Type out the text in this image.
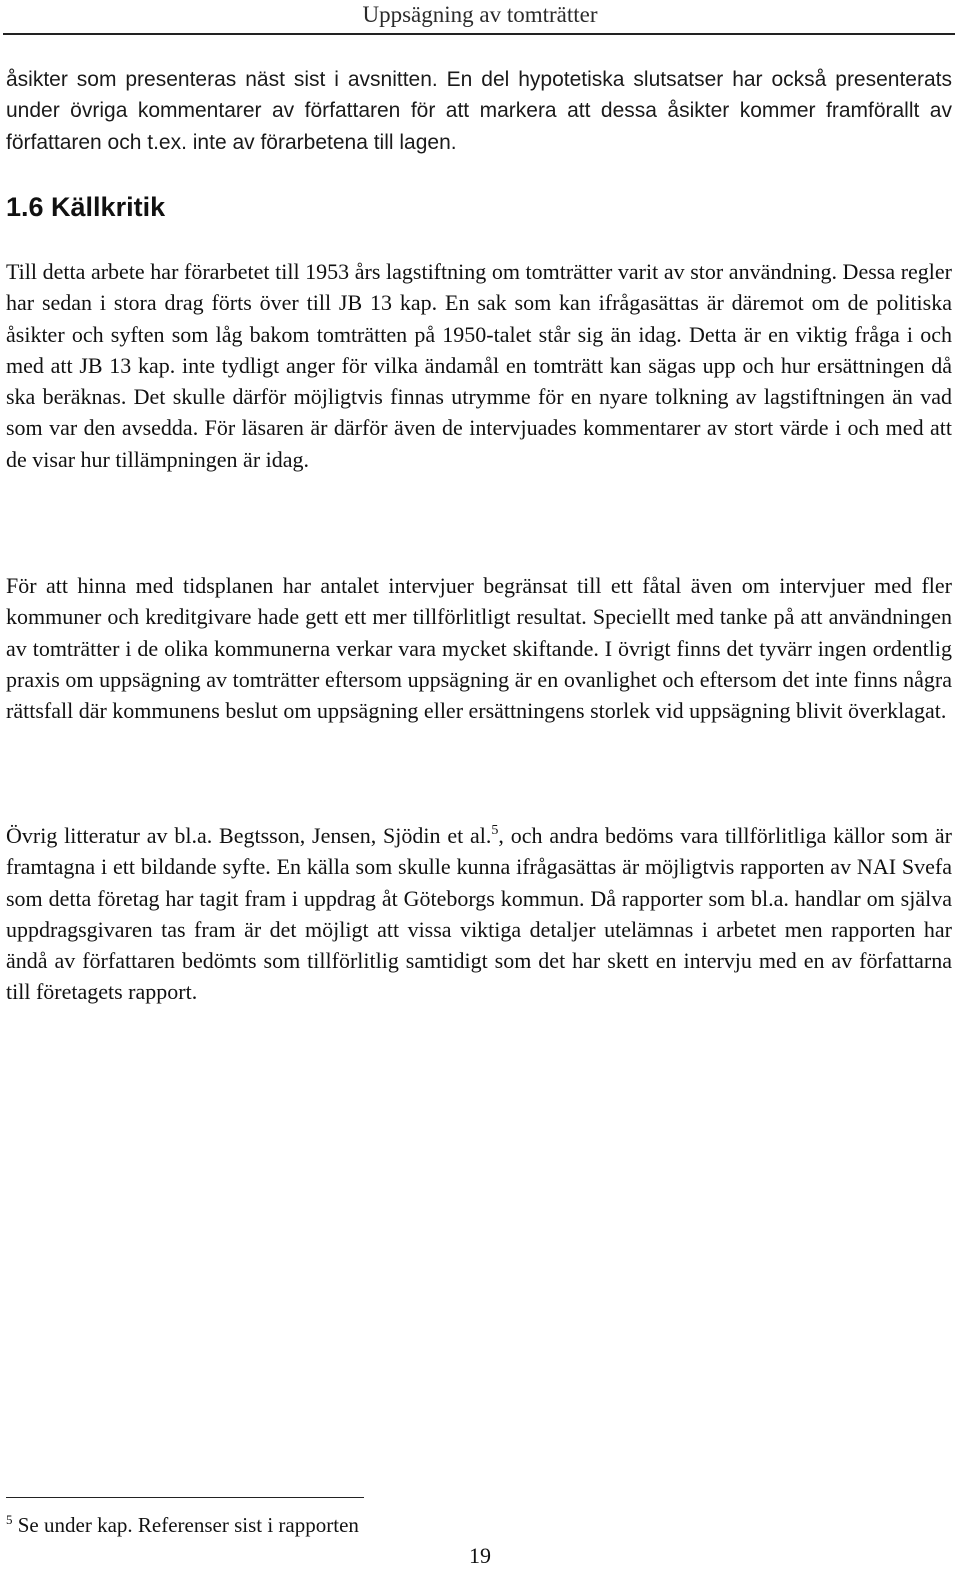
Uppsägning av tomträtter

åsikter som presenteras näst sist i avsnitten. En del hypotetiska slutsatser har också presenterats under övriga kommentarer av författaren för att markera att dessa åsikter kommer framförallt av författaren och t.ex. inte av förarbetena till lagen.

1.6 Källkritik

Till detta arbete har förarbetet till 1953 års lagstiftning om tomträtter varit av stor användning. Dessa regler har sedan i stora drag förts över till JB 13 kap. En sak som kan ifrågasättas är däremot om de politiska åsikter och syften som låg bakom tomträtten på 1950-talet står sig än idag. Detta är en viktig fråga i och med att JB 13 kap. inte tydligt anger för vilka ändamål en tomträtt kan sägas upp och hur ersättningen då ska beräknas. Det skulle därför möjligtvis finnas utrymme för en nyare tolkning av lagstiftningen än vad som var den avsedda. För läsaren är därför även de intervjuades kommentarer av stort värde i och med att de visar hur tillämpningen är idag.

För att hinna med tidsplanen har antalet intervjuer begränsat till ett fåtal även om intervjuer med fler kommuner och kreditgivare hade gett ett mer tillförlitligt resultat. Speciellt med tanke på att användningen av tomträtter i de olika kommunerna verkar vara mycket skiftande. I övrigt finns det tyvärr ingen ordentlig praxis om uppsägning av tomträtter eftersom uppsägning är en ovanlighet och eftersom det inte finns några rättsfall där kommunens beslut om uppsägning eller ersättningens storlek vid uppsägning blivit överklagat.

Övrig litteratur av bl.a. Begtsson, Jensen, Sjödin et al.$^5$, och andra bedöms vara tillförlitliga källor som är framtagna i ett bildande syfte. En källa som skulle kunna ifrågasättas är möjligtvis rapporten av NAI Svefa som detta företag har tagit fram i uppdrag åt Göteborgs kommun. Då rapporter som bl.a. handlar om själva uppdragsgivaren tas fram är det möjligt att vissa viktiga detaljer utelämnas i arbetet men rapporten har ändå av författaren bedömts som tillförlitlig samtidigt som det har skett en intervju med en av författarna till företagets rapport.

$^5$ Se under kap. Referenser sist i rapporten
19
